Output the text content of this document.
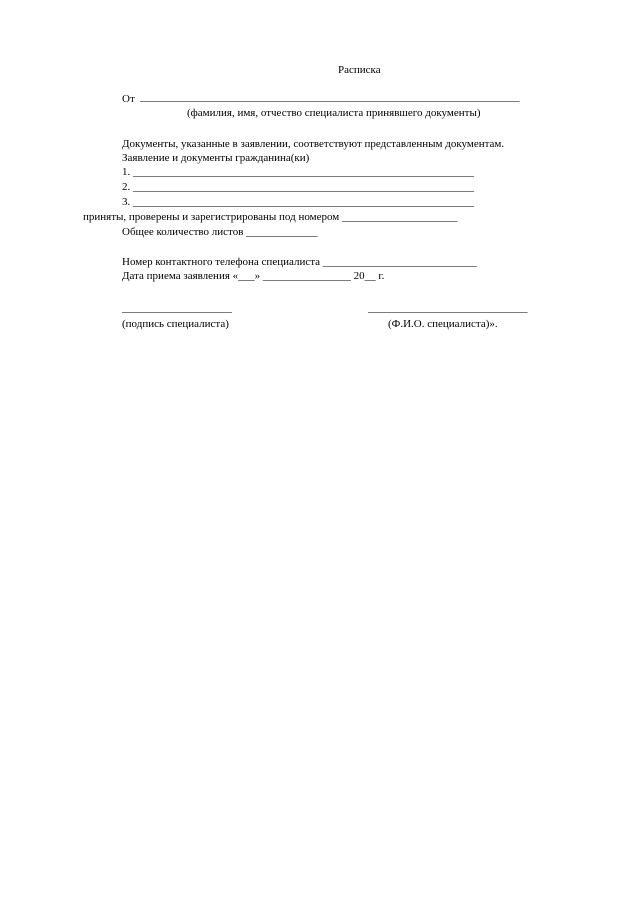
Расписка
От _____________________________________________________________________
(фамилия, имя, отчество специалиста принявшего документы)
Документы, указанные в заявлении, соответствуют представленным документам.
Заявление и документы гражданина(ки)
1. ______________________________________________________________
2. ______________________________________________________________
3. ______________________________________________________________
приняты, проверены и зарегистрированы под номером _____________________
Общее количество листов _____________
Номер контактного телефона специалиста ____________________________
Дата приема заявления «___» ________________ 20__ г.
____________________	_____________________________
(подпись специалиста)	(Ф.И.О. специалиста)».
